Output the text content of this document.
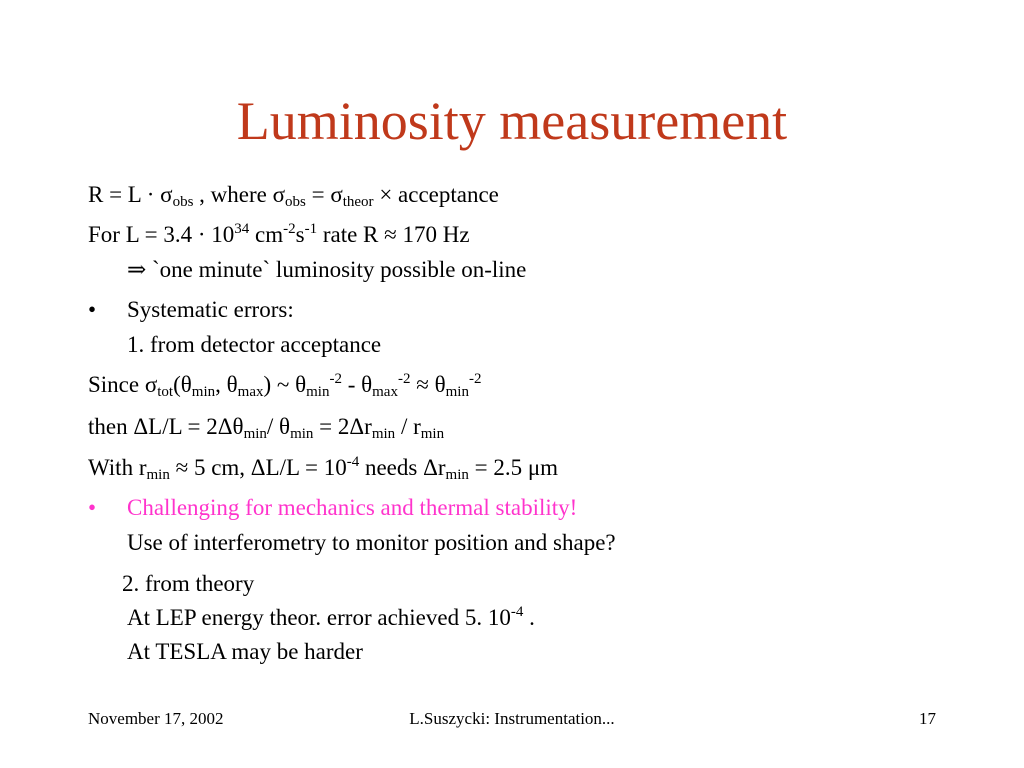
Luminosity measurement
$R = L \cdot \sigma_{obs}$ , where $\sigma_{obs} = \sigma_{theor}$ × acceptance
For $L = 3.4 \cdot 10^{34}$ $cm^{-2}s^{-1}$ rate R ≈ 170 Hz
⇒ `one minute` luminosity possible on-line
• Systematic errors:
1. from detector acceptance
Since $\sigma_{tot}(\theta_{min}$, $\theta_{max}$) ~ $\theta_{min}^{-2} - \theta_{max}^{-2} \approx \theta_{min}^{-2}$
then $\Delta L/L = 2\Delta\theta_{min}/$ $\theta_{min} = 2\Delta r_{min} / r_{min}$
With $r_{min} \approx 5$ cm, $\Delta L/L = 10^{-4}$ needs $\Delta r_{min} = 2.5$ μm
• Challenging for mechanics and thermal stability!
Use of interferometry to monitor position and shape?
2. from theory
At LEP energy theor. error achieved 5. $10^{-4}$ .
At TESLA may be harder
November 17, 2002	L.Suszycki: Instrumentation...	17
